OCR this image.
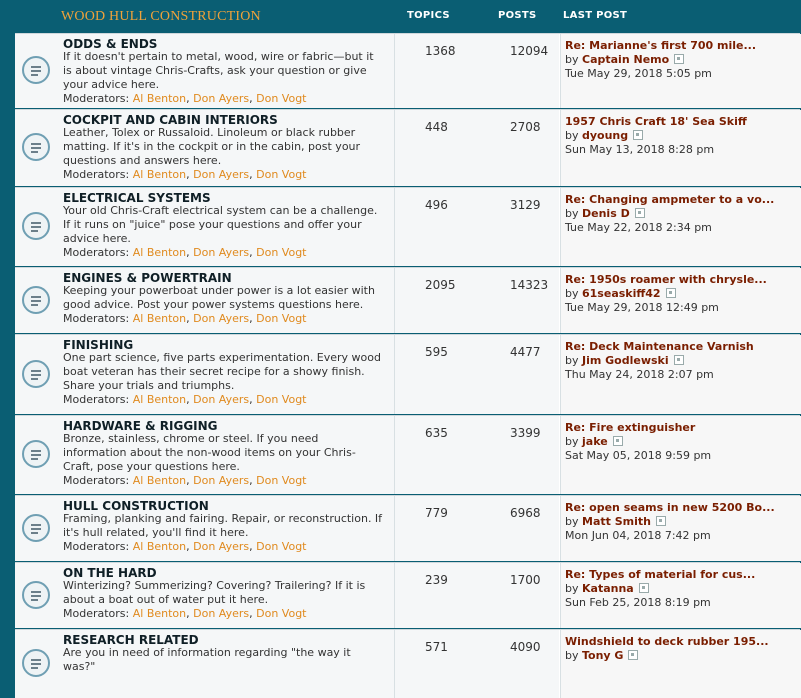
WOOD HULL CONSTRUCTION	TOPICS	POSTS	LAST POST
ODDS & ENDS
If it doesn't pertain to metal, wood, wire or fabric—but it is about vintage Chris-Crafts, ask your question or give your advice here.
Moderators: Al Benton, Don Ayers, Don Vogt
1368	12094 Re: Marianne's first 700 mile...
by Captain Nemo
Tue May 29, 2018 5:05 pm
COCKPIT AND CABIN INTERIORS
Leather, Tolex or Russaloid. Linoleum or black rubber matting. If it's in the cockpit or in the cabin, post your questions and answers here.
Moderators: Al Benton, Don Ayers, Don Vogt
448	2708 1957 Chris Craft 18' Sea Skiff
by dyoung
Sun May 13, 2018 8:28 pm
ELECTRICAL SYSTEMS
Your old Chris-Craft electrical system can be a challenge. If it runs on "juice" pose your questions and offer your advice here.
Moderators: Al Benton, Don Ayers, Don Vogt
496	3129 Re: Changing ampmeter to a vo...
by Denis D
Tue May 22, 2018 2:34 pm
ENGINES & POWERTRAIN
Keeping your powerboat under power is a lot easier with good advice. Post your power systems questions here.
Moderators: Al Benton, Don Ayers, Don Vogt
2095	14323 Re: 1950s roamer with chrysle...
by 61seaskiff42
Tue May 29, 2018 12:49 pm
FINISHING
One part science, five parts experimentation. Every wood boat veteran has their secret recipe for a showy finish. Share your trials and triumphs.
Moderators: Al Benton, Don Ayers, Don Vogt
595	4477 Re: Deck Maintenance Varnish
by Jim Godlewski
Thu May 24, 2018 2:07 pm
HARDWARE & RIGGING
Bronze, stainless, chrome or steel. If you need information about the non-wood items on your Chris-Craft, pose your questions here.
Moderators: Al Benton, Don Ayers, Don Vogt
635	3399 Re: Fire extinguisher
by jake
Sat May 05, 2018 9:59 pm
HULL CONSTRUCTION
Framing, planking and fairing. Repair, or reconstruction. If it's hull related, you'll find it here.
Moderators: Al Benton, Don Ayers, Don Vogt
779	6968 Re: open seams in new 5200 Bo...
by Matt Smith
Mon Jun 04, 2018 7:42 pm
ON THE HARD
Winterizing? Summerizing? Covering? Trailering? If it is about a boat out of water put it here.
Moderators: Al Benton, Don Ayers, Don Vogt
239	1700 Re: Types of material for cus...
by Katanna
Sun Feb 25, 2018 8:19 pm
RESEARCH RELATED
Are you in need of information regarding "the way it was?"
571	4090 Windshield to deck rubber 195...
by Tony G
